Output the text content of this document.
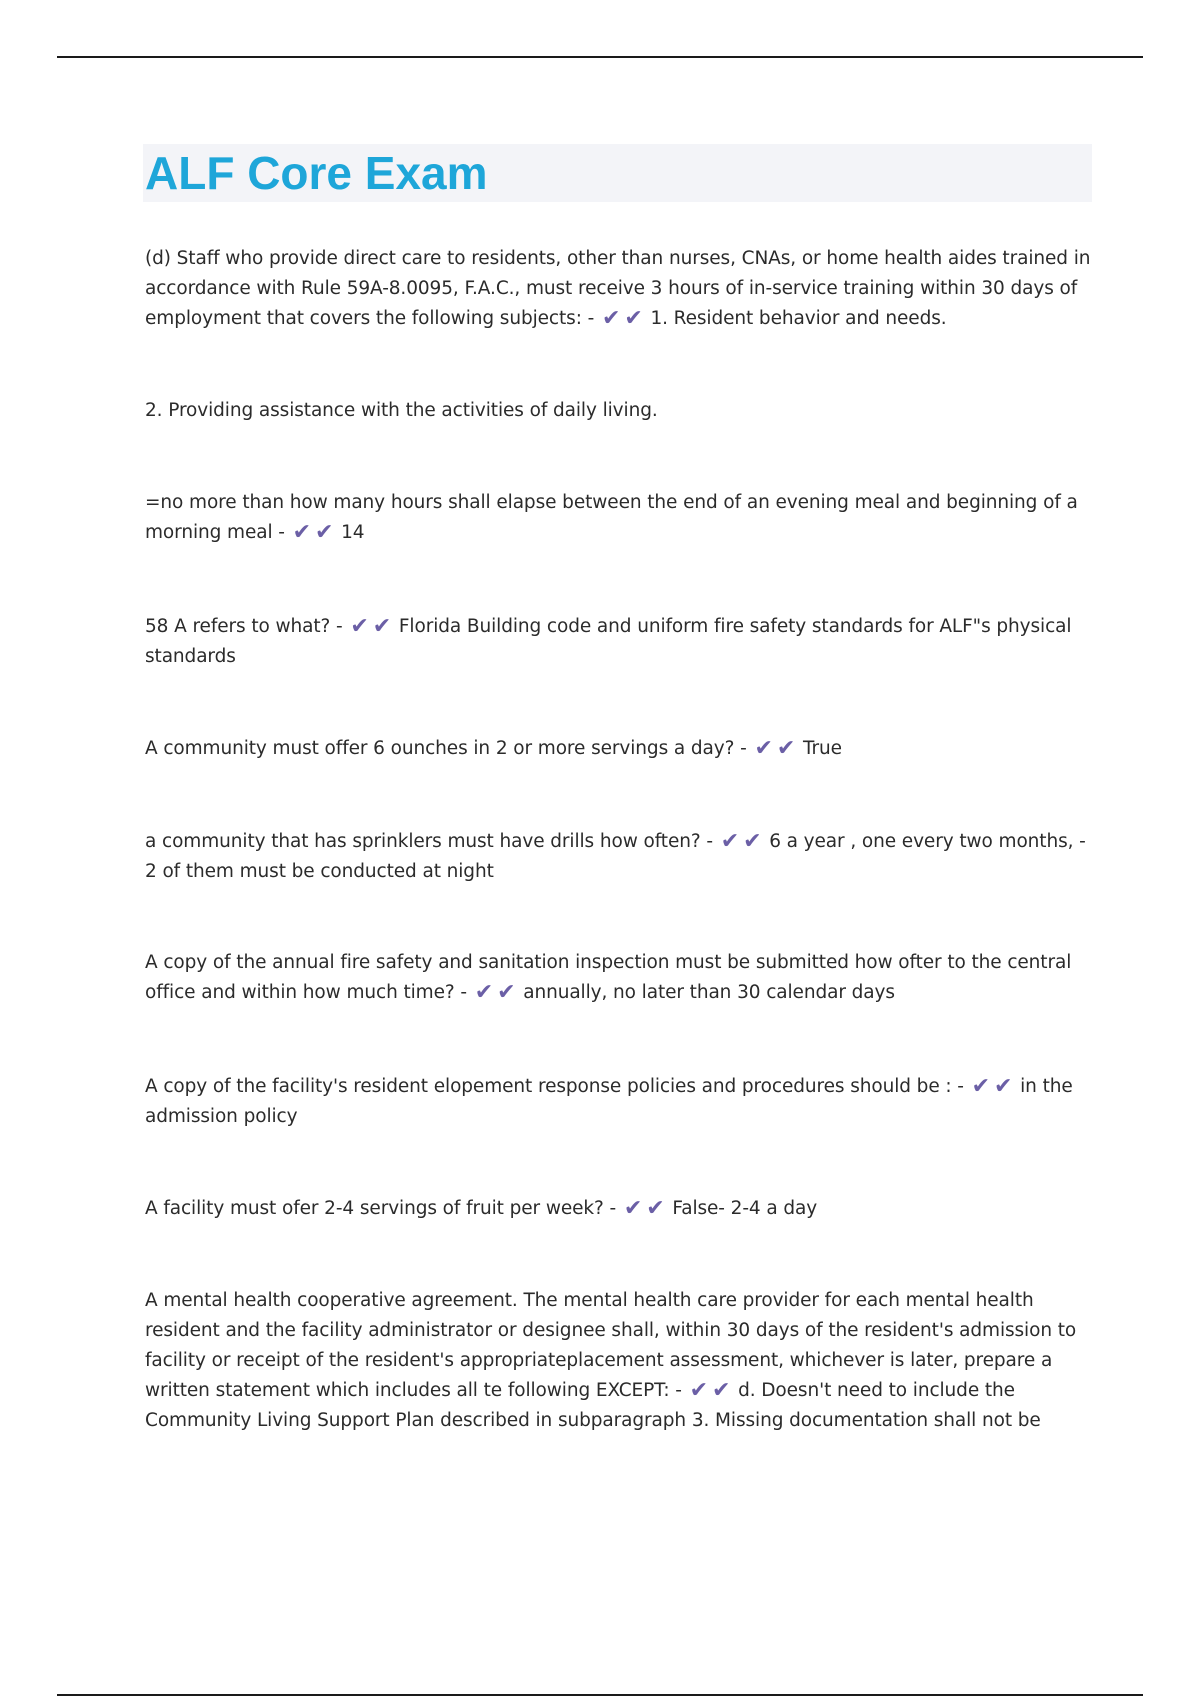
ALF Core Exam

(d) Staff who provide direct care to residents, other than nurses, CNAs, or home health aides trained in accordance with Rule 59A-8.0095, F.A.C., must receive 3 hours of in-service training within 30 days of employment that covers the following subjects: - ✔ ✔ 1. Resident behavior and needs.

2. Providing assistance with the activities of daily living.

=no more than how many hours shall elapse between the end of an evening meal and beginning of a morning meal - ✔ ✔ 14

58 A refers to what? - ✔ ✔ Florida Building code and uniform fire safety standards for ALF"s physical standards

A community must offer 6 ounches in 2 or more servings a day? - ✔ ✔ True

a community that has sprinklers must have drills how often? - ✔ ✔ 6 a year , one every two months, - 2 of them must be conducted at night

A copy of the annual fire safety and sanitation inspection must be submitted how ofter to the central office and within how much time? - ✔ ✔ annually, no later than 30 calendar days

A copy of the facility's resident elopement response policies and procedures should be : - ✔ ✔ in the admission policy

A facility must ofer 2-4 servings of fruit per week? - ✔ ✔ False- 2-4 a day

A mental health cooperative agreement. The mental health care provider for each mental health resident and the facility administrator or designee shall, within 30 days of the resident's admission to facility or receipt of the resident's appropriateplacement assessment, whichever is later, prepare a written statement which includes all te following EXCEPT: - ✔ ✔ d. Doesn't need to include the Community Living Support Plan described in subparagraph 3. Missing documentation shall not be
